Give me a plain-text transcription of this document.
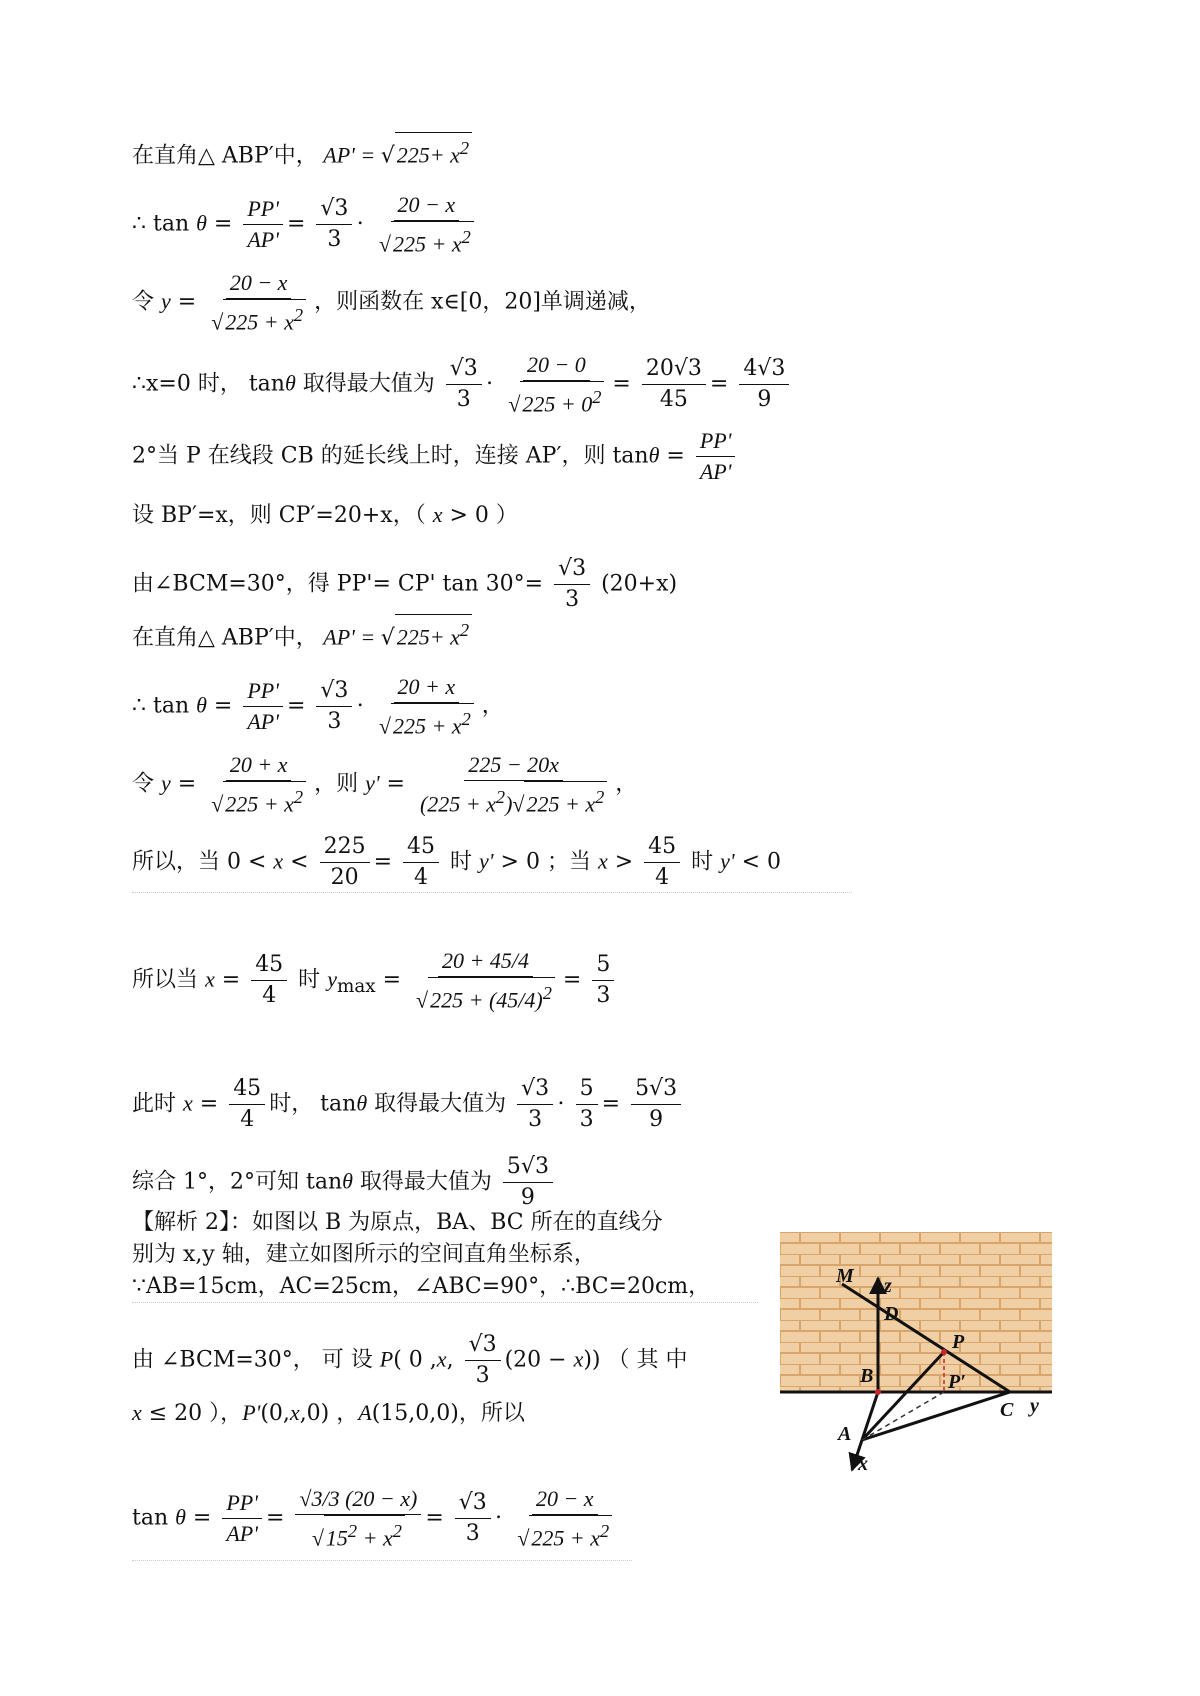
在直角△ ABP′中， $AP' = √225+ x^2$
∴ $\tan \theta = \frac{PP'}{AP'} = \frac{√3}{3} \cdot \frac{20 - x}{√225 + x^2}$
令 $y = \frac{20 - x}{√225 + x^2}$ ，则函数在 x∈[0，20]单调递减，
∴x=0 时， tanθ 取得最大值为 $\frac{√3}{3} \cdot \frac{20 - 0}{√225 + 0^2} = \frac{20√3}{45} = \frac{4√3}{9}$
2°当 P 在线段 CB 的延长线上时，连接 AP′，则 $\tan\theta = \frac{PP'}{AP'}$
设 BP′=x，则 CP′=20+x，（ x > 0 ）
由∠BCM=30°，得 PP'= CP' $\tan 30^\circ= \frac{√3}{3} (20+x)$
在直角△ ABP′中， $AP' = √225+ x^2$
∴ $\tan \theta = \frac{PP'}{AP'} = \frac{√3}{3} \cdot \frac{20 + x}{√225 + x^2}$ ，
令 $y = \frac{20 + x}{√225 + x^2}$ ，则 $y' = \frac{225 - 20x}{(225 + x^2)√225 + x^2}$ ，
所以，当 $0 < x < \frac{225}{20} = \frac{45}{4}$ 时 y' > 0 ；当 $x > \frac{45}{4}$ 时 y' < 0
所以当 $x = \frac{45}{4}$ 时 $y_{max} = \frac{20 + 45/4}{√225 + (45/4)^2} = \frac{5}{3}$
此时 $x = \frac{45}{4}$ 时， tanθ 取得最大值为 $\frac{√3}{3} \cdot \frac{5}{3} = \frac{5√3}{9}$
综合 1°，2°可知 tanθ 取得最大值为 $\frac{5√3}{9}$
【解析 2】：如图以 B 为原点，BA、BC 所在的直线分
别为 x,y 轴，建立如图所示的空间直角坐标系，
∵AB=15cm，AC=25cm，∠ABC=90°，∴BC=20cm，
由 ∠BCM=30°， 可 设 P( 0 ,x, $\frac{√3}{3} (20 - x)$) （ 其 中
x ≤ 20 ），P'(0,x,0) ，A(15,0,0)，所以
$\tan \theta = \frac{PP'}{AP'} = \frac{√3/3 (20 - x)}{√15^2 + x^2} = \frac{√3}{3} \cdot \frac{20 - x}{√225 + x^2}$
M z
D
P
B	P′
C y
A
x
